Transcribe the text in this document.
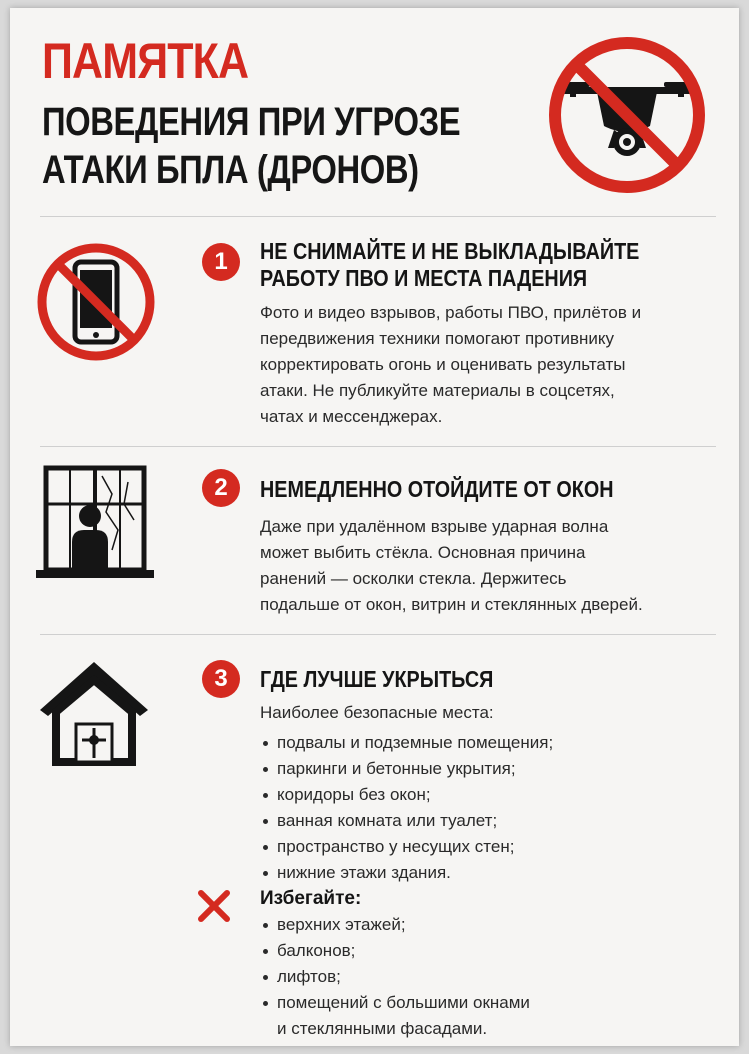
ПАМЯТКА
ПОВЕДЕНИЯ ПРИ УГРОЗЕ
АТАКИ БПЛА (ДРОНОВ)
1	НЕ СНИМАЙТЕ И НЕ ВЫКЛАДЫВАЙТЕ
РАБОТУ ПВО И МЕСТА ПАДЕНИЯ
Фото и видео взрывов, работы ПВО, прилётов и
передвижения техники помогают противнику
корректировать огонь и оценивать результаты
атаки. Не публикуйте материалы в соцсетях,
чатах и мессенджерах.
2	НЕМЕДЛЕННО ОТОЙДИТЕ ОТ ОКОН
Даже при удалённом взрыве ударная волна
может выбить стёкла. Основная причина
ранений — осколки стекла. Держитесь
подальше от окон, витрин и стеклянных дверей.
3	ГДЕ ЛУЧШЕ УКРЫТЬСЯ
Наиболее безопасные места:
подвалы и подземные помещения;
паркинги и бетонные укрытия;
коридоры без окон;
ванная комната или туалет;
пространство у несущих стен;
нижние этажи здания.
Избегайте:
верхних этажей;
балконов;
лифтов;
помещений с большими окнами
и стеклянными фасадами.
